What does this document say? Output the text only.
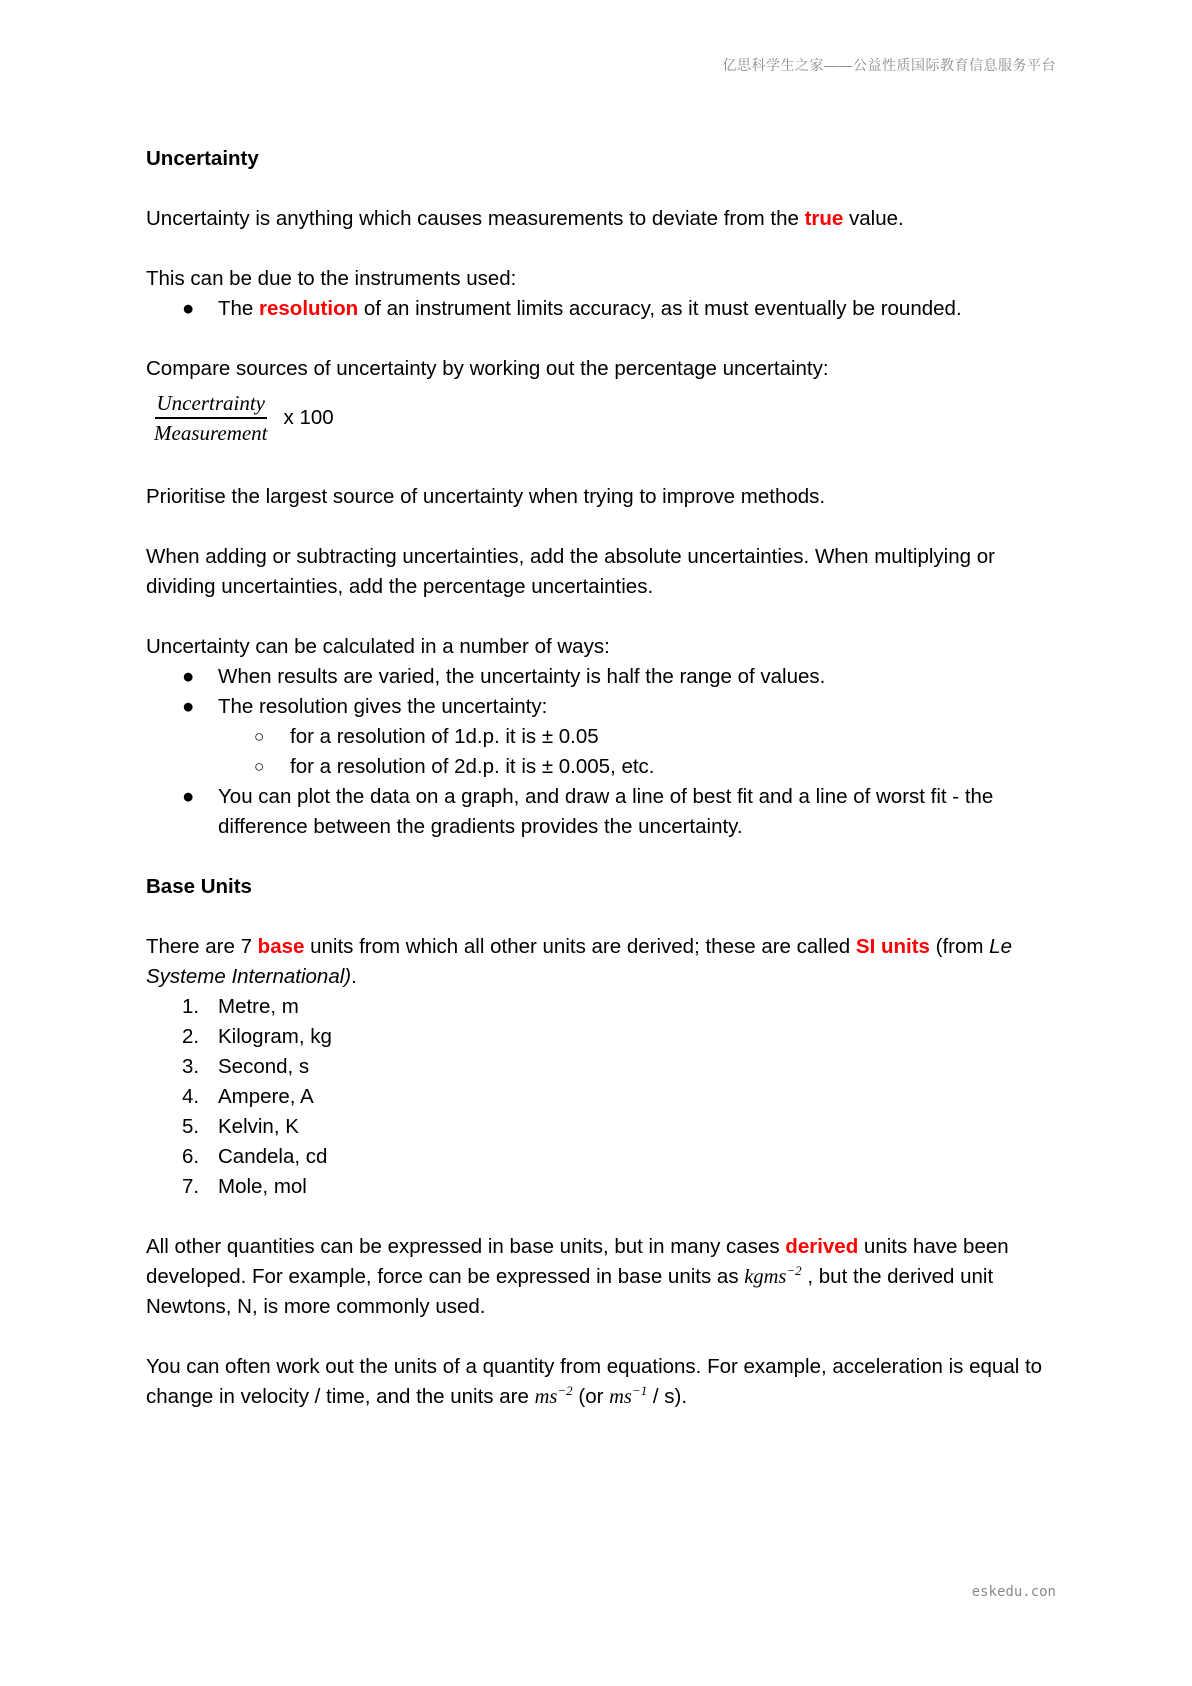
亿思科学生之家——公益性质国际教育信息服务平台
Uncertainty

Uncertainty is anything which causes measurements to deviate from the true value.

This can be due to the instruments used:

● The resolution of an instrument limits accuracy, as it must eventually be rounded.

Compare sources of uncertainty by working out the percentage uncertainty:

$\frac{\text{Uncertrainty}}{\text{Measurement}}$ x 100

Prioritise the largest source of uncertainty when trying to improve methods.

When adding or subtracting uncertainties, add the absolute uncertainties. When multiplying or dividing uncertainties, add the percentage uncertainties.

Uncertainty can be calculated in a number of ways:

● When results are varied, the uncertainty is half the range of values.
● The resolution gives the uncertainty:
○ for a resolution of 1d.p. it is ± 0.05
○ for a resolution of 2d.p. it is ± 0.005, etc.
● You can plot the data on a graph, and draw a line of best fit and a line of worst fit - the difference between the gradients provides the uncertainty.
Base Units

There are 7 base units from which all other units are derived; these are called SI units (from Le Systeme International).

1. Metre, m
2. Kilogram, kg
3. Second, s
4. Ampere, A
5. Kelvin, K
6. Candela, cd
7. Mole, mol

All other quantities can be expressed in base units, but in many cases derived units have been developed. For example, force can be expressed in base units as kgms$^{-2}$ , but the derived unit Newtons, N, is more commonly used.

You can often work out the units of a quantity from equations. For example, acceleration is equal to change in velocity / time, and the units are $ms^{-2}$ (or $ms^{-1} / s$).

eskedu.con
